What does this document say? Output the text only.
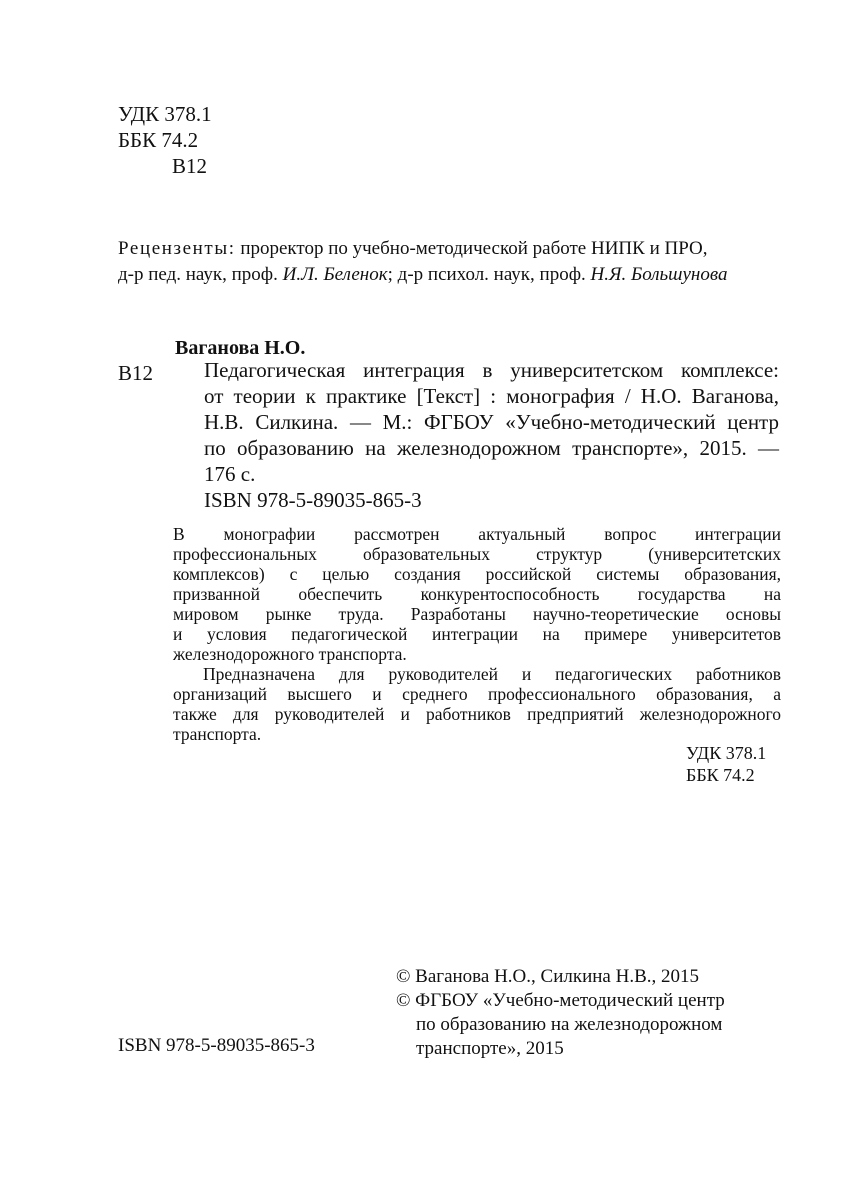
УДК 378.1
ББК 74.2
В12
Рецензенты: проректор по учебно-методической работе НИПК и ПРО,
д-р пед. наук, проф. И.Л. Беленок; д-р психол. наук, проф. Н.Я. Большунова
Ваганова Н.О.
В12 Педагогическая интеграция в университетском комплексе:
от теории к практике [Текст] : монография / Н.О. Ваганова,
Н.В. Силкина. — М.: ФГБОУ «Учебно-методический центр
по образованию на железнодорожном транспорте», 2015. —
176 с.
ISBN 978-5-89035-865-3
В монографии рассмотрен актуальный вопрос интеграции
профессиональных образовательных структур (университетских
комплексов) с целью создания российской системы образования,
призванной обеспечить конкурентоспособность государства на
мировом рынке труда. Разработаны научно-теоретические основы
и условия педагогической интеграции на примере университетов
железнодорожного транспорта.
Предназначена для руководителей и педагогических работников
организаций высшего и среднего профессионального образования, а
также для руководителей и работников предприятий железнодорожного
транспорта.
УДК 378.1
ББК 74.2
© Ваганова Н.О., Силкина Н.В., 2015
© ФГБОУ «Учебно-методический центр
по образованию на железнодорожном
транспорте», 2015
ISBN 978-5-89035-865-3
